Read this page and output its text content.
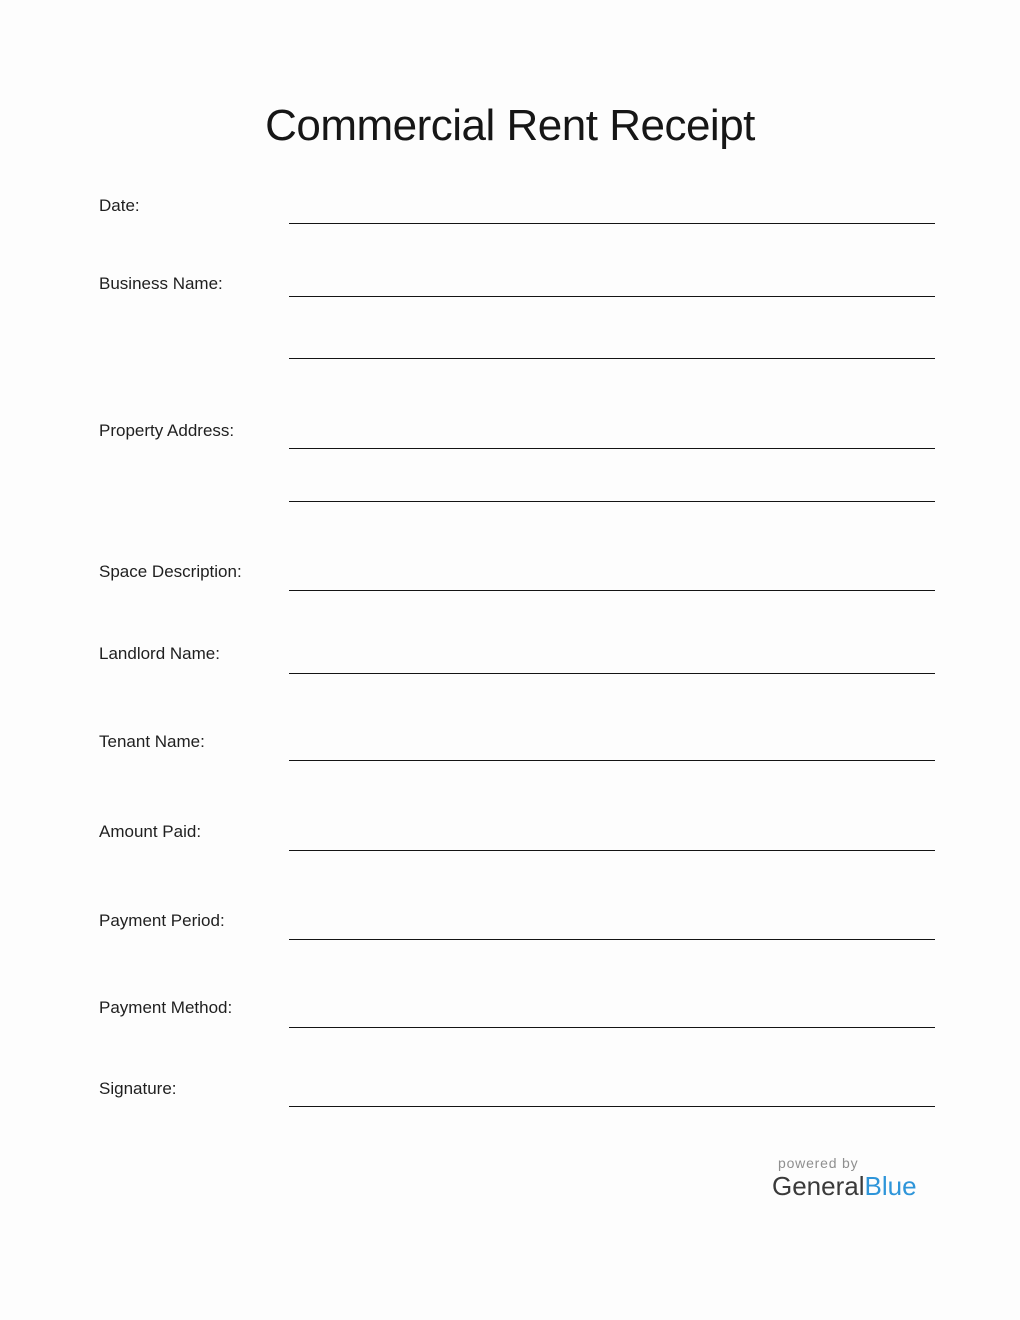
Commercial Rent Receipt
Date:
Business Name:
Property Address:
Space Description:
Landlord Name:
Tenant Name:
Amount Paid:
Payment Period:
Payment Method:
Signature:
powered by
GeneralBlue
